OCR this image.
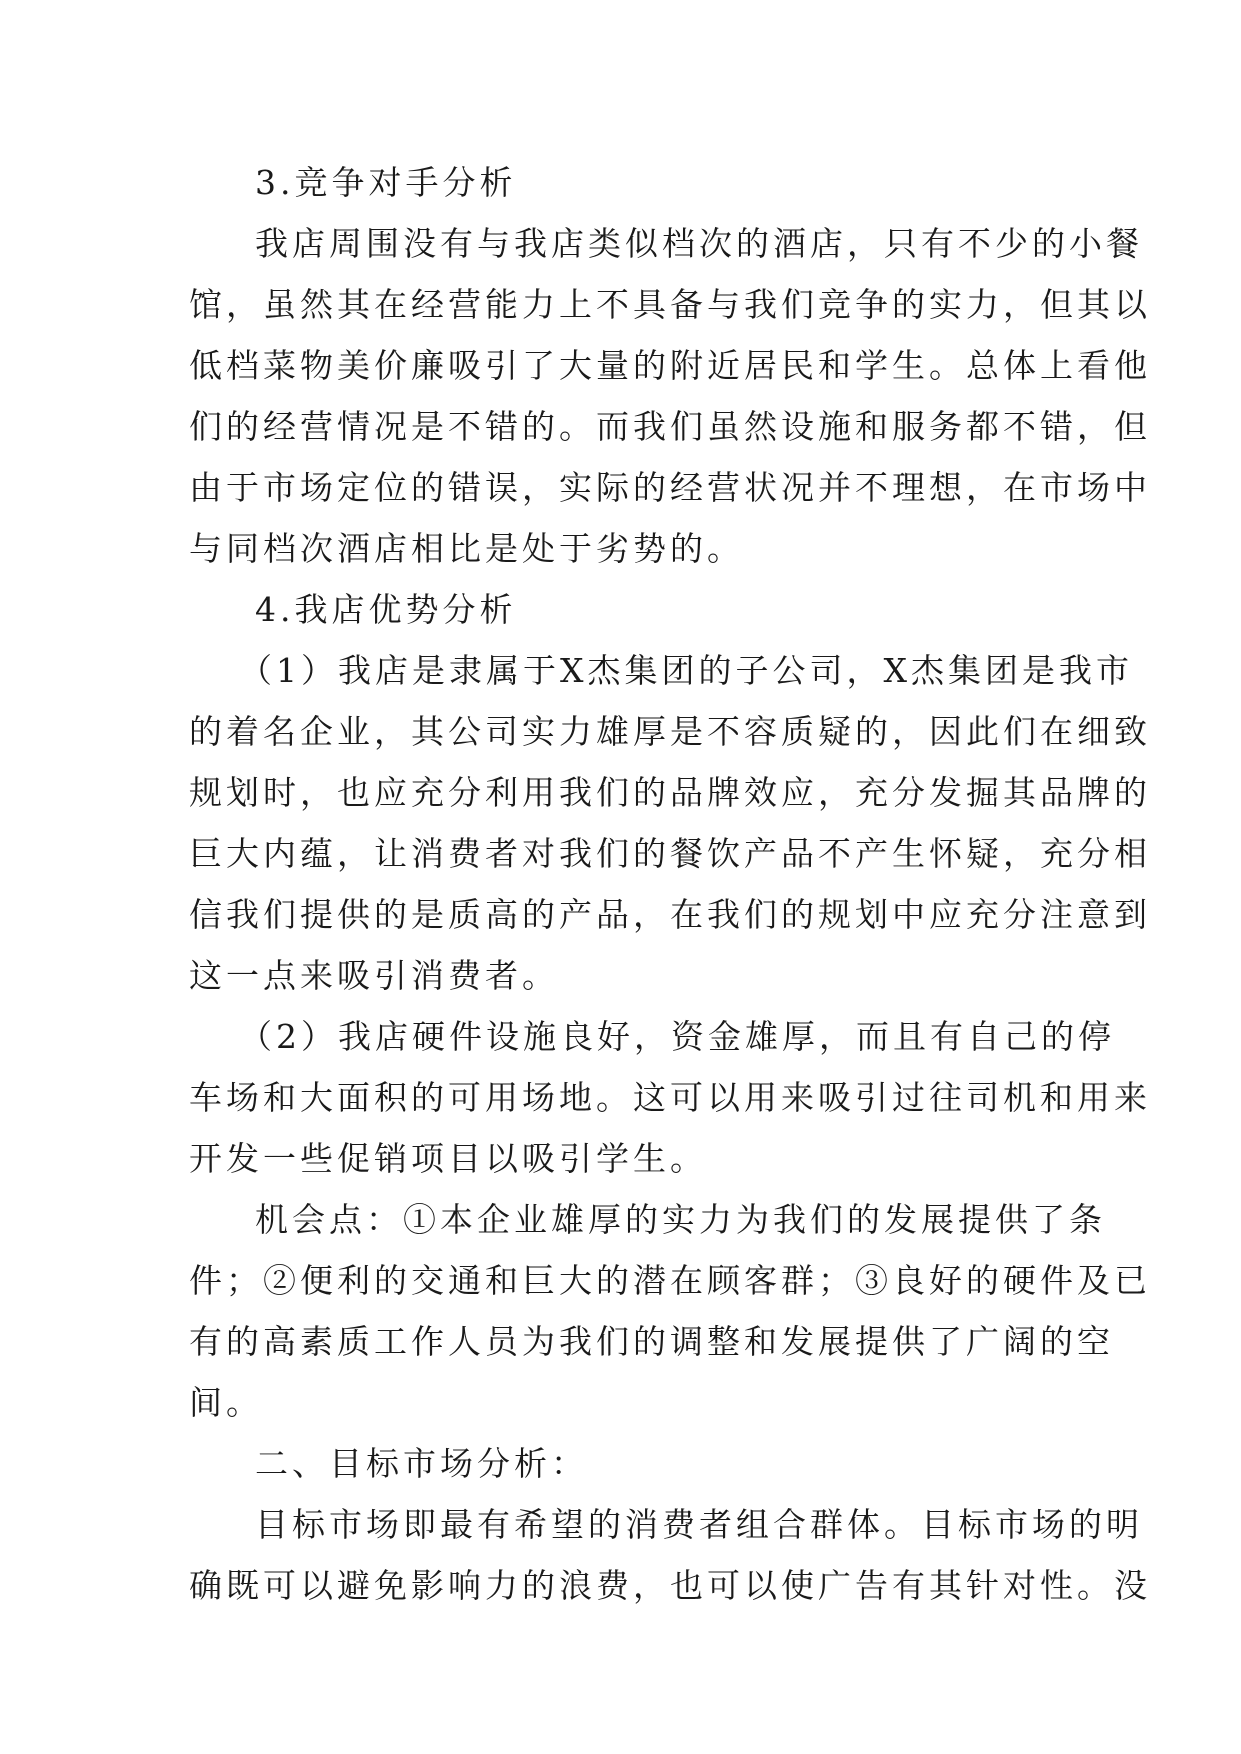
3.竞争对手分析

我店周围没有与我店类似档次的酒店，只有不少的小餐
馆，虽然其在经营能力上不具备与我们竞争的实力，但其以
低档菜物美价廉吸引了大量的附近居民和学生。总体上看他
们的经营情况是不错的。而我们虽然设施和服务都不错，但
由于市场定位的错误，实际的经营状况并不理想，在市场中
与同档次酒店相比是处于劣势的。

4.我店优势分析

（1）我店是隶属于X杰集团的子公司，X杰集团是我市
的着名企业，其公司实力雄厚是不容质疑的，因此们在细致
规划时，也应充分利用我们的品牌效应，充分发掘其品牌的
巨大内蕴，让消费者对我们的餐饮产品不产生怀疑，充分相
信我们提供的是质高的产品，在我们的规划中应充分注意到
这一点来吸引消费者。

（2）我店硬件设施良好，资金雄厚，而且有自己的停
车场和大面积的可用场地。这可以用来吸引过往司机和用来
开发一些促销项目以吸引学生。

机会点：①本企业雄厚的实力为我们的发展提供了条
件；②便利的交通和巨大的潜在顾客群；③良好的硬件及已
有的高素质工作人员为我们的调整和发展提供了广阔的空
间。

二、目标市场分析：

目标市场即最有希望的消费者组合群体。目标市场的明
确既可以避免影响力的浪费，也可以使广告有其针对性。没
